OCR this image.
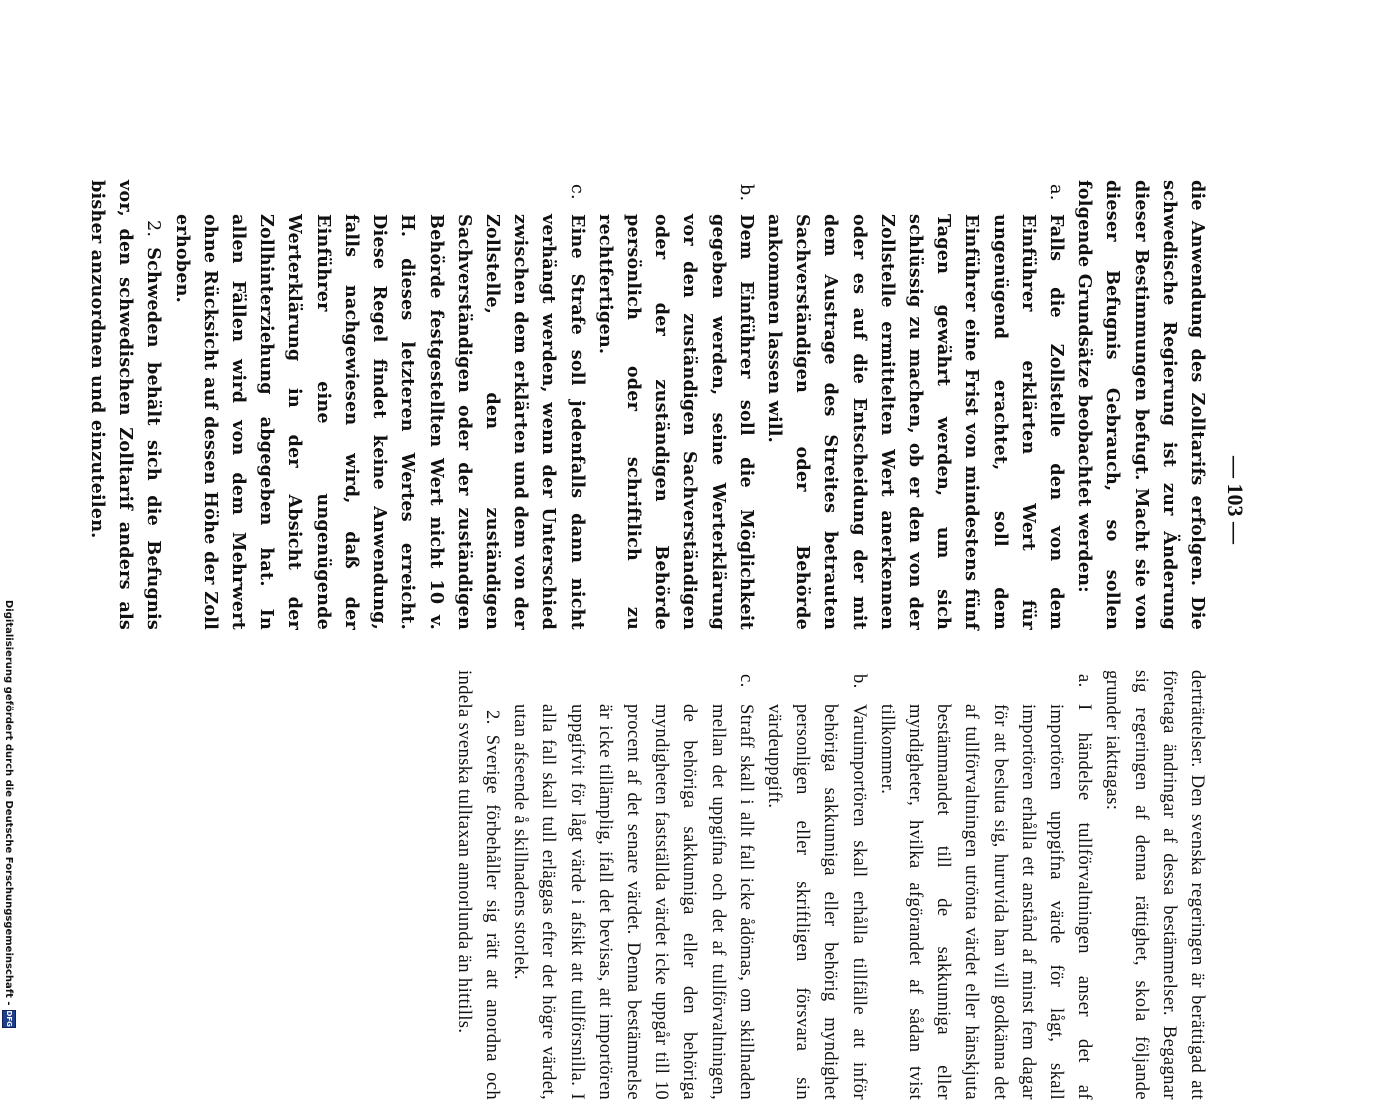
— 103 —

die Anwendung des Zolltarifs erfolgen. Die schwedische Regierung ist zur Änderung dieser Bestimmungen befugt. Macht sie von dieser Befugnis Gebrauch, so sollen folgende Grundsätze beobachtet werden:

a.
Falls die Zollstelle den von dem Einführer erklärten Wert für ungenügend erachtet, soll dem Einführer eine Frist von mindestens fünf Tagen gewährt werden, um sich schlüssig zu machen, ob er den von der Zollstelle ermittelten Wert anerkennen oder es auf die Entscheidung der mit dem Austrage des Streites betrauten Sachverständigen oder Behörde ankommen lassen will.

b.
Dem Einführer soll die Möglichkeit gegeben werden, seine Werterklärung vor den zuständigen Sachverständigen oder der zuständigen Behörde persönlich oder schriftlich zu rechtfertigen.

c.
Eine Strafe soll jedenfalls dann nicht verhängt werden, wenn der Unterschied zwischen dem erklärten und dem von der Zollstelle, den zuständigen Sachverständigen oder der zuständigen Behörde festgestellten Wert nicht 10 v. H. dieses letzteren Wertes erreicht. Diese Regel findet keine Anwendung, falls nachgewiesen wird, daß der Einführer eine ungenügende Werterklärung in der Absicht der Zollhinterziehung abgegeben hat. In allen Fällen wird von dem Mehrwert ohne Rücksicht auf dessen Höhe der Zoll erhoben.

2.Schweden behält sich die Befugnis vor, den schwedischen Zolltarif anders als bisher anzuordnen und einzuteilen.

derträttelser. Den svenska regeringen är berättigad att företaga ändringar af dessa bestämmelser. Begagnar sig regeringen af denna rättighet, skola följande grunder iakttagas:

a.
I händelse tullförvaltningen anser det af importören uppgifna värde för lågt, skall importören erhålla ett anstånd af minst fem dagar för att besluta sig, huruvida han vill godkänna det af tullförvaltningen utrönta värdet eller hänskjuta bestämmandet till de sakkunniga eller myndigheter, hvilka afgörandet af sådan tvist tillkommer.

b.
Varuimportören skall erhålla tillfälle att inför behöriga sakkunniga eller behörig myndighet personligen eller skriftligen försvara sin värdeuppgift.

c.
Straff skall i allt fall icke ådömas, om skillnaden mellan det uppgifna och det af tullförvaltningen, de behöriga sakkunniga eller den behöriga myndigheten fastställda värdet icke uppgår till 10 procent af det senare värdet. Denna bestämmelse är icke tillämplig, ifall det bevisas, att importören uppgifvit för lågt värde i afsikt att tullförsnilla. I alla fall skall tull erläggas efter det högre värdet, utan afseende å skillnadens storlek.

2.Sverige förbehåller sig rätt att anordna och indela svenska tulltaxan annorlunda än hittills.

Digitalisierung gefördert durch die Deutsche Forschungsgemeinschaft -
DFG
